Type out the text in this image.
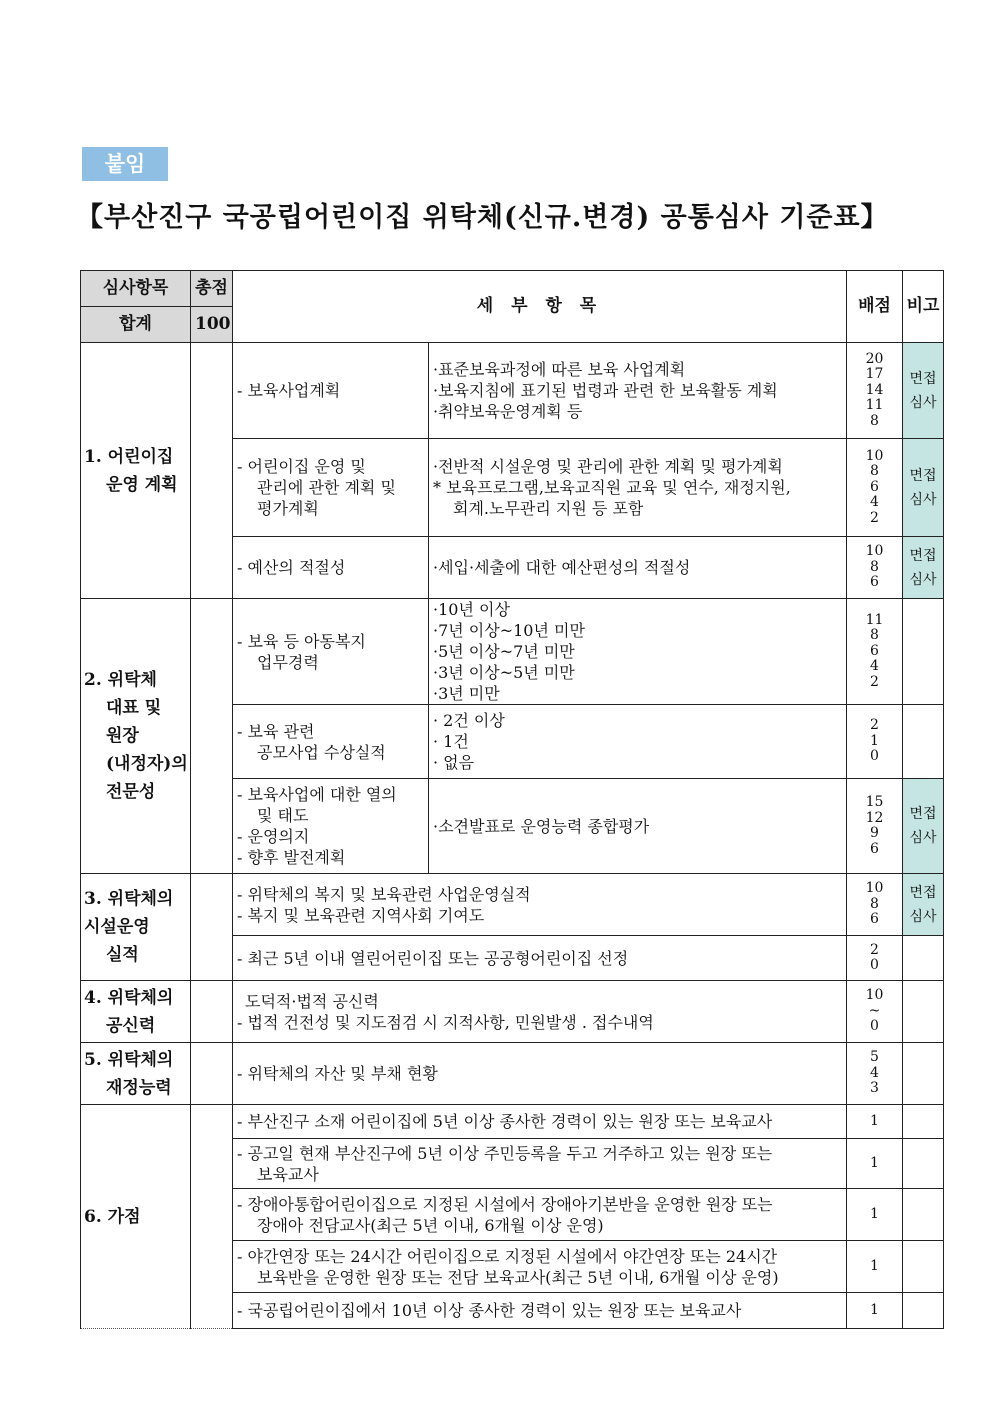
붙임
【부산진구 국공립어린이집 위탁체(신규.변경) 공통심사 기준표】
심사항목	총점	세 부 항 목		배점	비고
합계	100				

1. 어린이집
운영 계획		- 보육사업계획	·표준보육과정에 따른 보육 사업계획
·보육지침에 표기된 법령과 관련 한 보육활동 계획
·취약보육운영계획 등	20
17
14
11
8	면접
심사

		- 어린이집 운영 및
관리에 관한 계획 및
평가계획	·전반적 시설운영 및 관리에 관한 계획 및 평가계획
* 보육프로그램,보육교직원 교육 및 연수, 재정지원,
회계.노무관리 지원 등 포함	10
8
6
4
2	면접
심사

		- 예산의 적절성	·세입·세출에 대한 예산편성의 적절성	10
8
6	면접
심사

2. 위탁체
대표 및
원장
(내정자)의
전문성		- 보육 등 아동복지
업무경력	·10년 이상
·7년 이상~10년 미만
·5년 이상~7년 미만
·3년 이상~5년 미만
·3년 미만	11
8
6
4
2	

		- 보육 관련
공모사업 수상실적	· 2건 이상
· 1건
· 없음	2
1
0	

		- 보육사업에 대한 열의
및 태도
- 운영의지
- 향후 발전계획	·소견발표로 운영능력 종합평가	15
12
9
6	면접
심사

3. 위탁체의
시설운영
실적		- 위탁체의 복지 및 보육관련 사업운영실적
- 복지 및 보육관련 지역사회 기여도		10
8
6	면접
심사

		- 최근 5년 이내 열린어린이집 또는 공공형어린이집 선정		2
0	

4. 위탁체의
공신력		도덕적·법적 공신력
- 법적 건전성 및 지도점검 시 지적사항, 민원발생 . 접수내역		10
~
0	

5. 위탁체의
재정능력		- 위탁체의 자산 및 부채 현황		5
4
3	

6. 가점		- 부산진구 소재 어린이집에 5년 이상 종사한 경력이 있는 원장 또는 보육교사		1	

		- 공고일 현재 부산진구에 5년 이상 주민등록을 두고 거주하고 있는 원장 또는
보육교사		1	

		- 장애아통합어린이집으로 지정된 시설에서 장애아기본반을 운영한 원장 또는
장애아 전담교사(최근 5년 이내, 6개월 이상 운영)		1	

		- 야간연장 또는 24시간 어린이집으로 지정된 시설에서 야간연장 또는 24시간
보육반을 운영한 원장 또는 전담 보육교사(최근 5년 이내, 6개월 이상 운영)		1	

		- 국공립어린이집에서 10년 이상 종사한 경력이 있는 원장 또는 보육교사		1	
